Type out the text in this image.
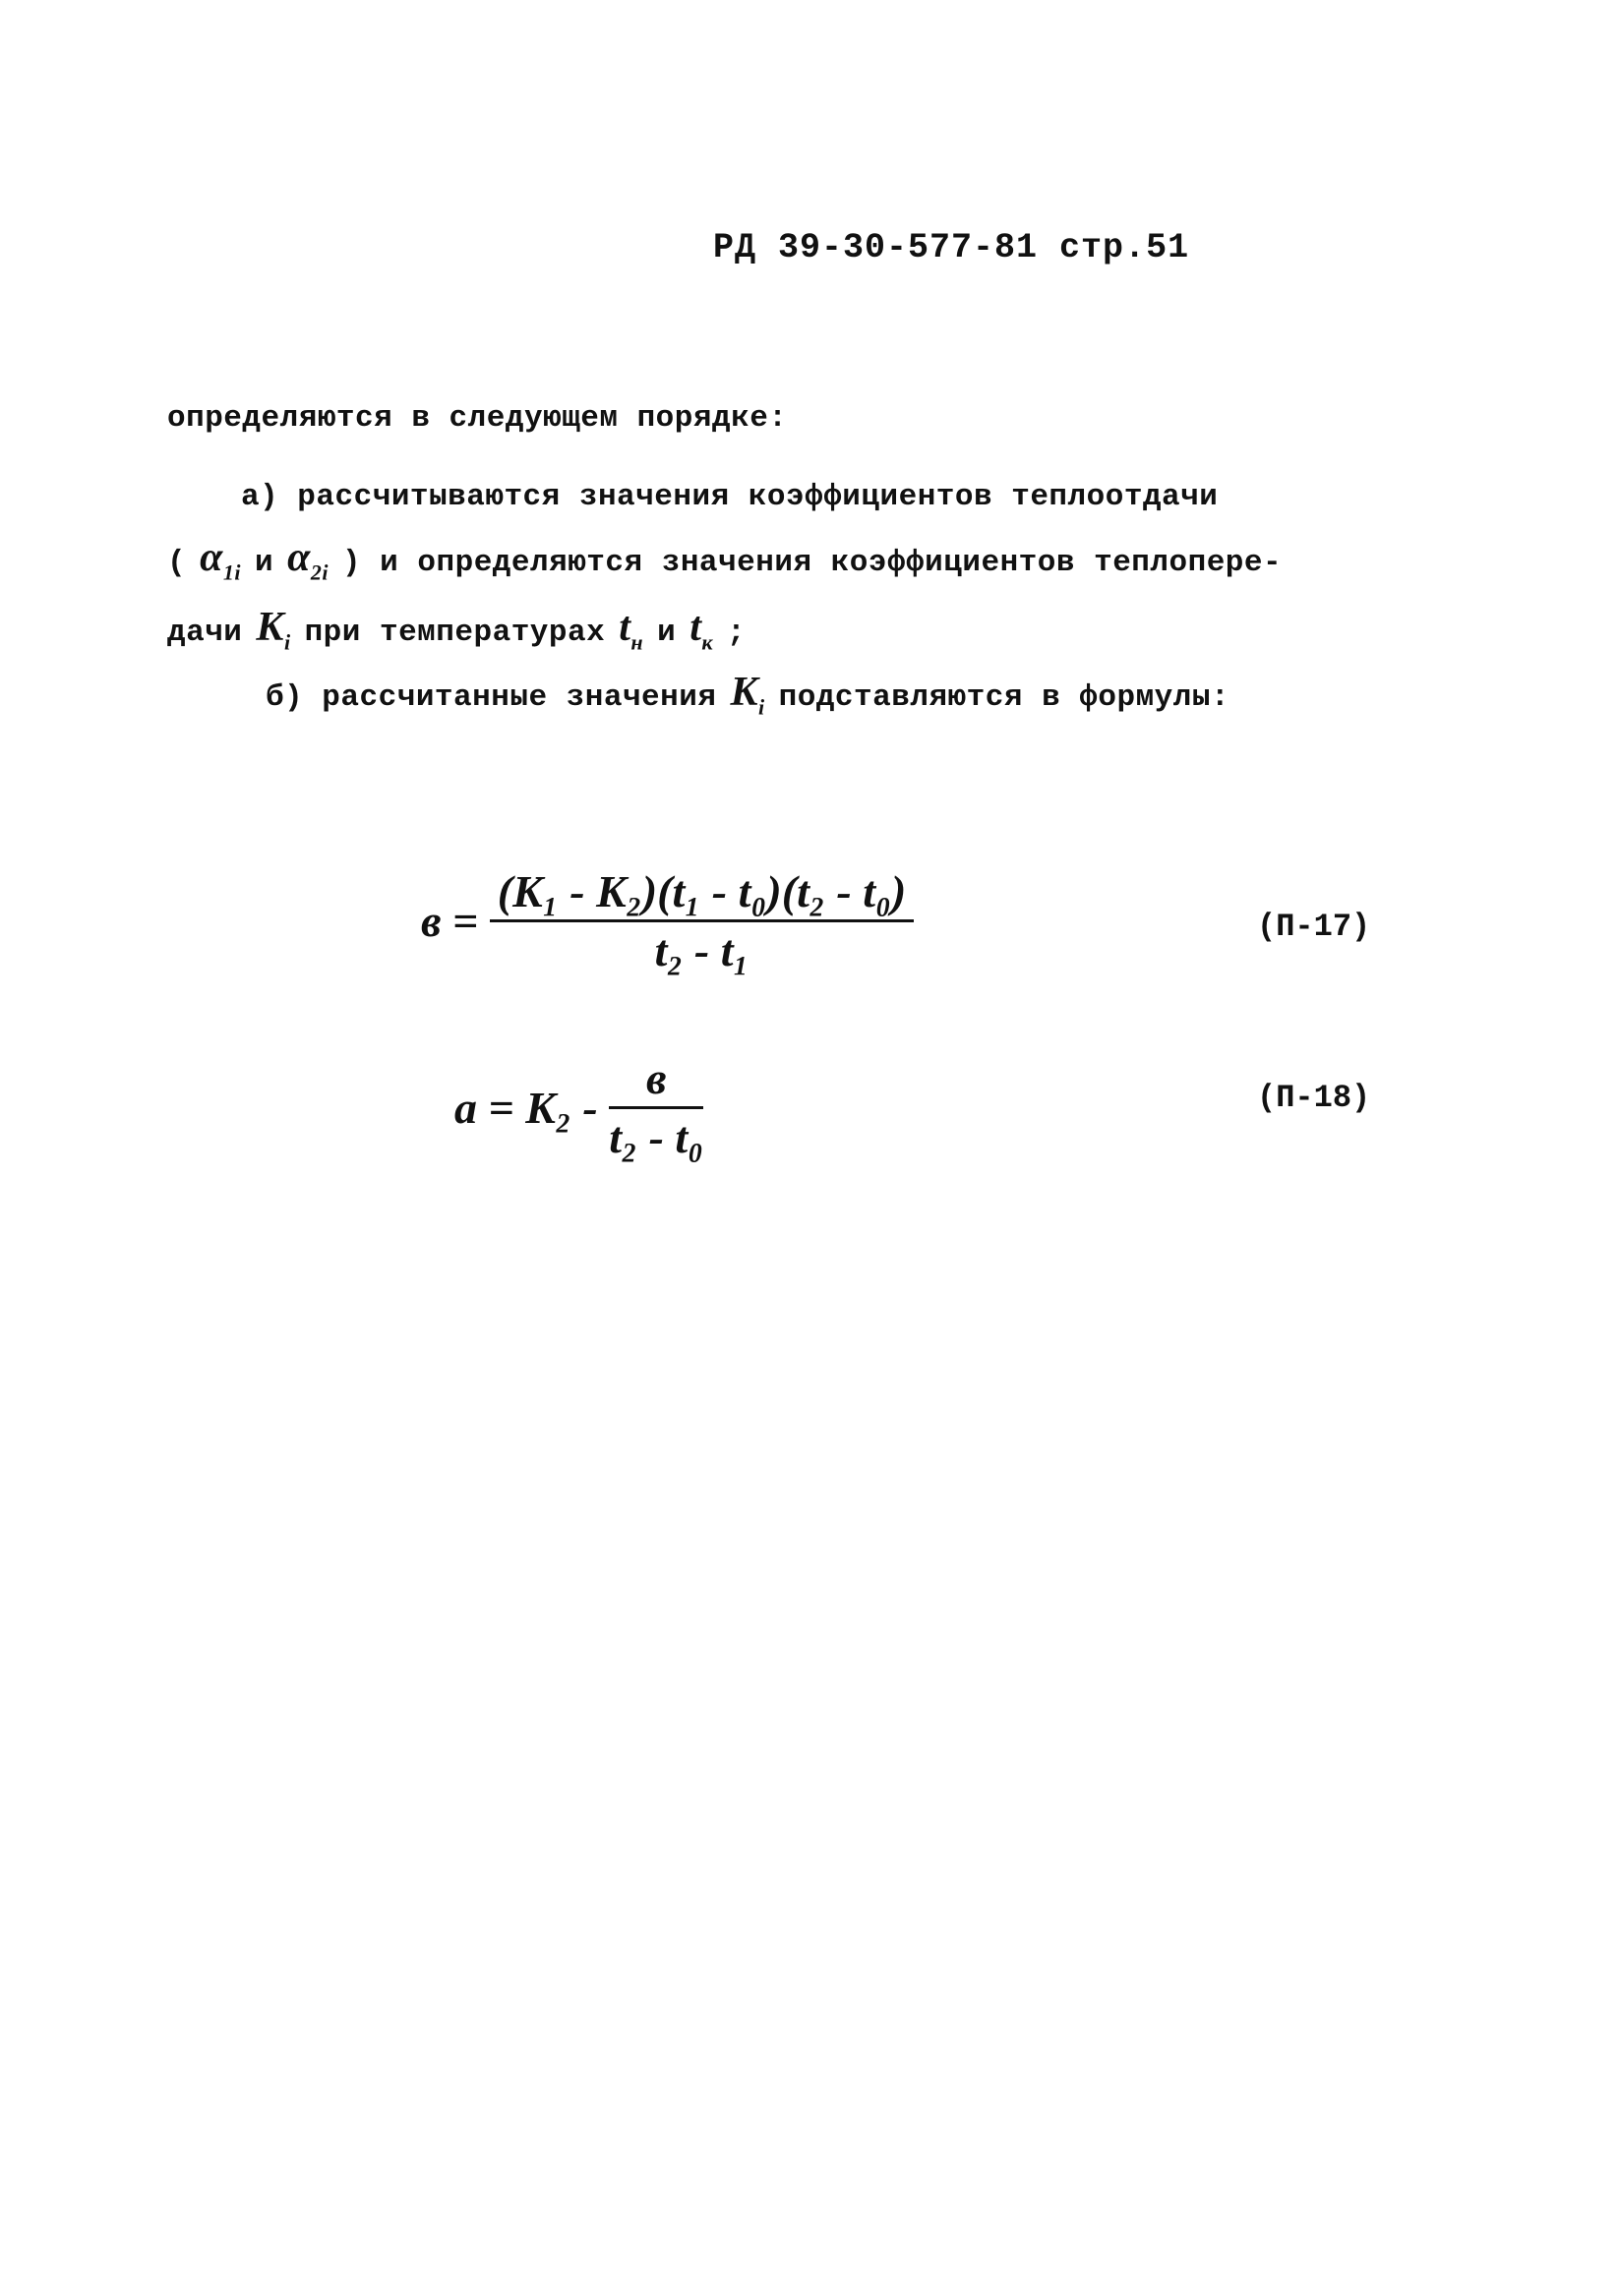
РД 39-30-577-81 стр.51
определяются в следующем порядке:
а) рассчитываются значения коэффициентов теплоотдачи
( $\alpha_{1i}$ и $\alpha_{2i}$ ) и определяются значения коэффициентов теплопере-
дачи $K_i$ при температурах $t_н$ и $t_к$ ;
б) рассчитанные значения $K_i$ подставляются в формулы:
$в = \frac{\text{(K₁ - K₂)(t₁ - t₀)(t₂ - t₀)}}{\text{t₂ - t₁}}$	(П-17)
$a = K_2 - \frac{в}{\text{t₂ - t₀}}$	(П-18)
